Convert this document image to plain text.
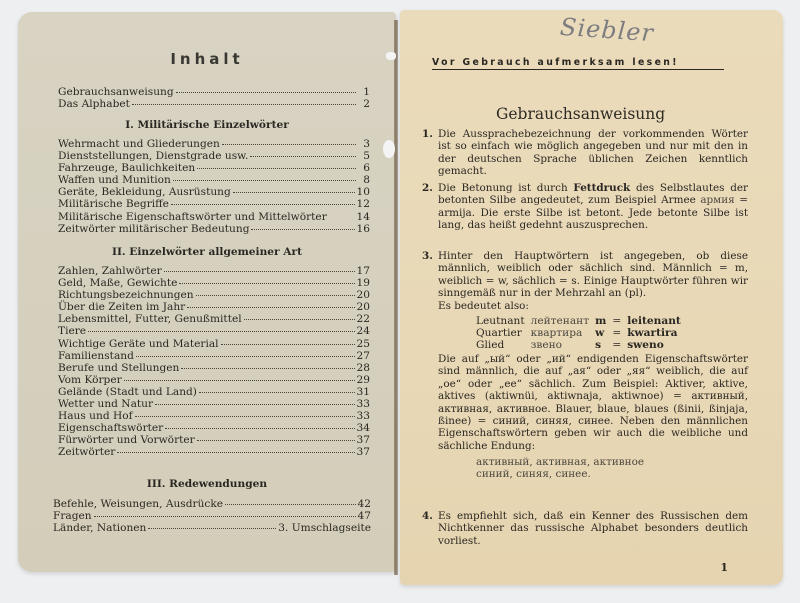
Inhalt
Gebrauchsanweisung	1
Das Alphabet	2
I. Militärische Einzelwörter
Wehrmacht und Gliederungen	3
Dienststellungen, Dienstgrade usw.	5
Fahrzeuge, Baulichkeiten	6
Waffen und Munition	8
Geräte, Bekleidung, Ausrüstung	10
Militärische Begriffe	12
Militärische Eigenschaftswörter und Mittelwörter	14
Zeitwörter militärischer Bedeutung	16
II. Einzelwörter allgemeiner Art
Zahlen, Zahlwörter	17
Geld, Maße, Gewichte	19
Richtungsbezeichnungen	20
Über die Zeiten im Jahr	20
Lebensmittel, Futter, Genußmittel	22
Tiere	24
Wichtige Geräte und Material	25
Familienstand	27
Berufe und Stellungen	28
Vom Körper	29
Gelände (Stadt und Land)	31
Wetter und Natur	33
Haus und Hof	33
Eigenschaftswörter	34
Fürwörter und Vorwörter	37
Zeitwörter	37
III. Redewendungen
Befehle, Weisungen, Ausdrücke	42
Fragen	47
Länder, Nationen	3. Umschlagseite
Siebler
Vor Gebrauch aufmerksam lesen!
Gebrauchsanweisung
1. Die Aussprachebezeichnung der vorkommenden Wörter ist so einfach wie möglich angegeben und nur mit den in der deutschen Sprache üblichen Zeichen kenntlich gemacht.
2. Die Betonung ist durch Fettdruck des Selbstlautes der betonten Silbe angedeutet, zum Beispiel Armee армия = armija. Die erste Silbe ist betont. Jede betonte Silbe ist lang, das heißt gedehnt auszusprechen.
3. Hinter den Hauptwörtern ist angegeben, ob diese männlich, weiblich oder sächlich sind. Männlich = m, weiblich = w, sächlich = s. Einige Hauptwörter führen wir sinngemäß nur in der Mehrzahl an (pl).
Es bedeutet also:
Leutnant	лейтенант	m	=	leitenant
Quartier	квартира	w	=	kwartira
Glied	звено	s	=	sweno
Die auf „ый“ oder „ий“ endigenden Eigenschaftswörter sind männlich, die auf „ая“ oder „яя“ weiblich, die auf „oe“ oder „ee“ sächlich. Zum Beispiel: Aktiver, aktive, aktives (aktiwnüi, aktiwnaja, aktiwnoe) = активный, активная, активное. Blauer, blaue, blaues (ßinii, ßinjaja, ßinee) = синий, синяя, синее. Neben den männlichen Eigenschaftswörtern geben wir auch die weibliche und sächliche Endung:
активный, активная, активное
синий, синяя, синее.
4. Es empfiehlt sich, daß ein Kenner des Russischen dem Nichtkenner das russische Alphabet besonders deutlich vorliest.
1
